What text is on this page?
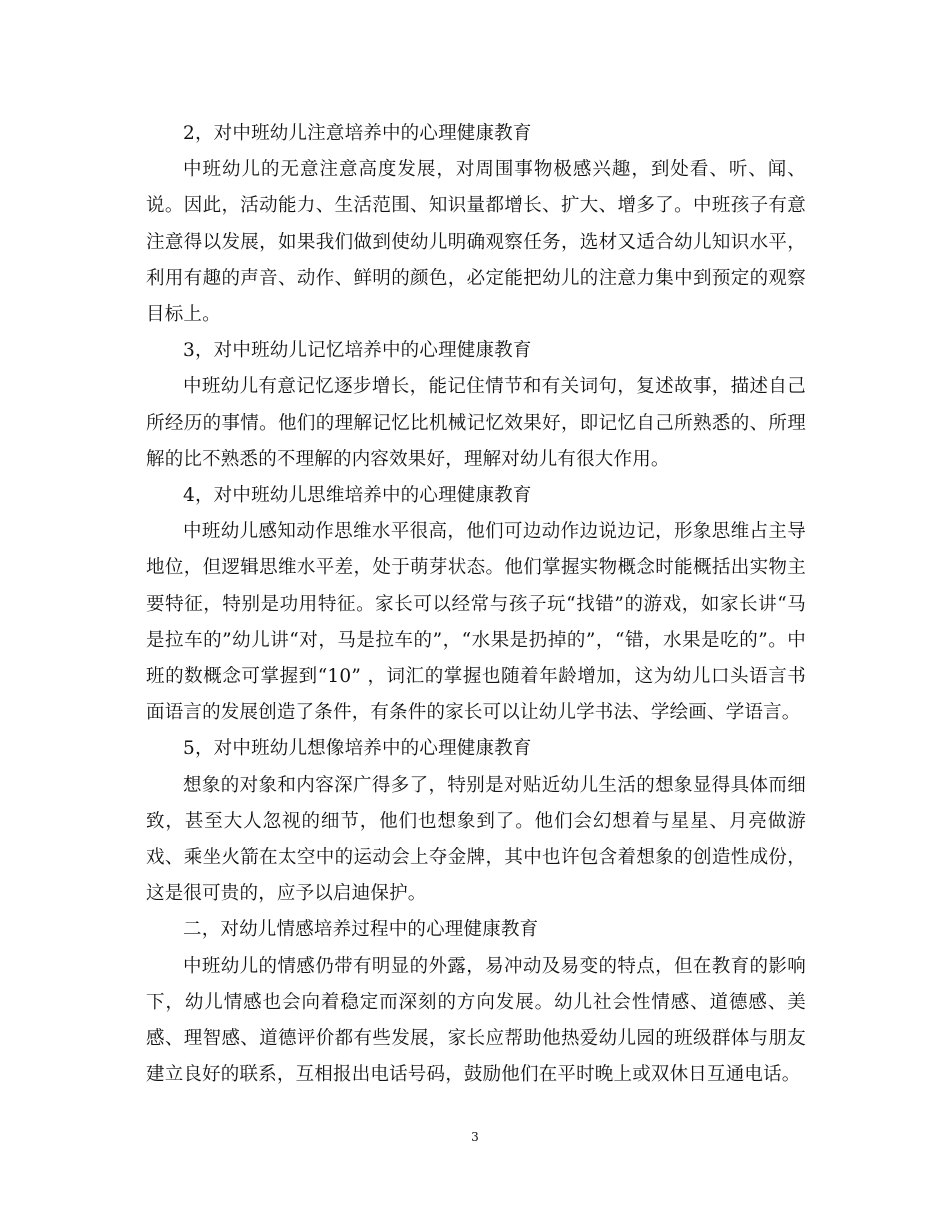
2，对中班幼儿注意培养中的心理健康教育

中班幼儿的无意注意高度发展，对周围事物极感兴趣，到处看、听、闻、说。因此，活动能力、生活范围、知识量都增长、扩大、增多了。中班孩子有意注意得以发展，如果我们做到使幼儿明确观察任务，选材又适合幼儿知识水平，利用有趣的声音、动作、鲜明的颜色，必定能把幼儿的注意力集中到预定的观察目标上。

3，对中班幼儿记忆培养中的心理健康教育

中班幼儿有意记忆逐步增长，能记住情节和有关词句，复述故事，描述自己所经历的事情。他们的理解记忆比机械记忆效果好，即记忆自己所熟悉的、所理解的比不熟悉的不理解的内容效果好，理解对幼儿有很大作用。

4，对中班幼儿思维培养中的心理健康教育

中班幼儿感知动作思维水平很高，他们可边动作边说边记，形象思维占主导地位，但逻辑思维水平差，处于萌芽状态。他们掌握实物概念时能概括出实物主要特征，特别是功用特征。家长可以经常与孩子玩“找错”的游戏，如家长讲“马是拉车的”幼儿讲“对，马是拉车的”，“水果是扔掉的”，“错，水果是吃的”。中班的数概念可掌握到“10” ，词汇的掌握也随着年龄增加，这为幼儿口头语言书面语言的发展创造了条件，有条件的家长可以让幼儿学书法、学绘画、学语言。

5，对中班幼儿想像培养中的心理健康教育

想象的对象和内容深广得多了，特别是对贴近幼儿生活的想象显得具体而细致，甚至大人忽视的细节，他们也想象到了。他们会幻想着与星星、月亮做游戏、乘坐火箭在太空中的运动会上夺金牌，其中也许包含着想象的创造性成份，这是很可贵的，应予以启迪保护。

二，对幼儿情感培养过程中的心理健康教育

中班幼儿的情感仍带有明显的外露，易冲动及易变的特点，但在教育的影响下，幼儿情感也会向着稳定而深刻的方向发展。幼儿社会性情感、道德感、美感、理智感、道德评价都有些发展，家长应帮助他热爱幼儿园的班级群体与朋友建立良好的联系，互相报出电话号码，鼓励他们在平时晚上或双休日互通电话。

3
